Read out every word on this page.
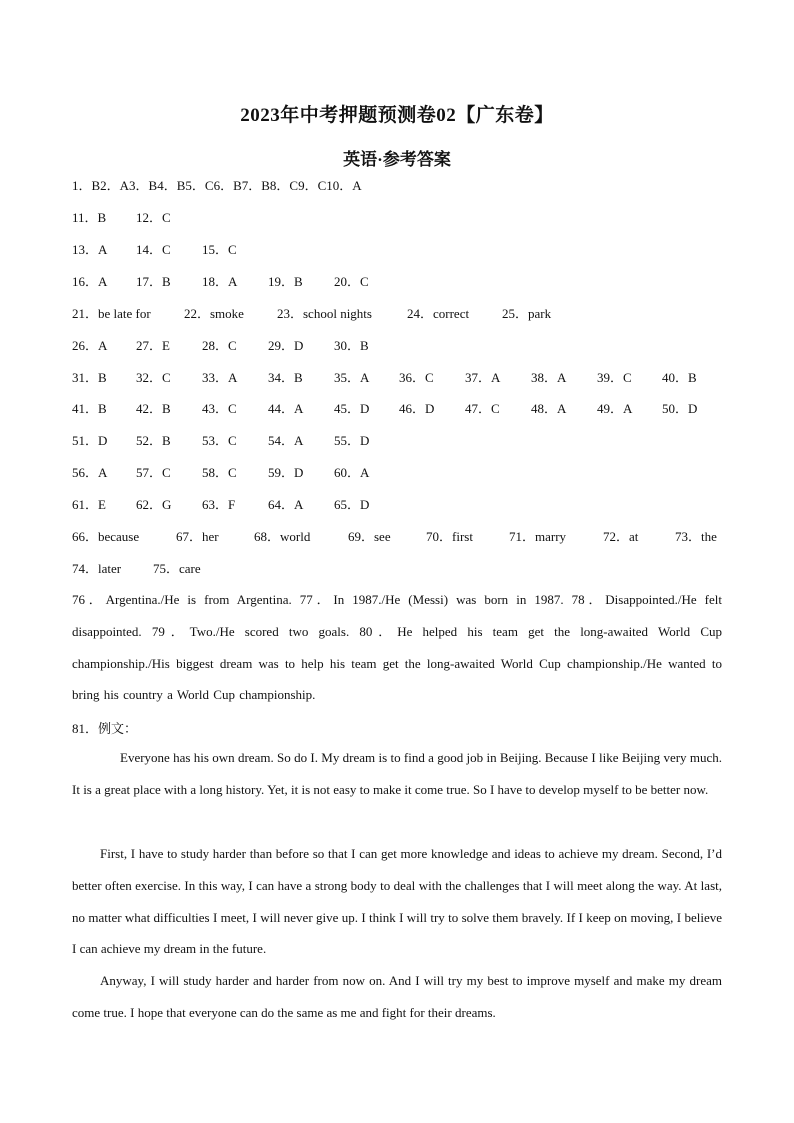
2023年中考押题预测卷02【广东卷】
英语·参考答案
1．B2．A3．B4．B5．C6．B7．B8．C9．C10．A
11．B 12．C
13．A 14．C 15．C
16．A 17．B 18．A 19．B 20．C
21．be late for	22．smoke	23．school nights	24．correct	25．park
26．A 27．E 28．C 29．D 30．B
31．B 32．C 33．A 34．B 35．A 36．C 37．A 38．A 39．C 40．B
41．B 42．B 43．C 44．A 45．D 46．D 47．C 48．A 49．A 50．D
51．D 52．B 53．C 54．A 55．D
56．A 57．C 58．C 59．D 60．A
61．E 62．G 63．F	64．A 65．D
66．because	67．her	68．world	69．see	70．first	71．marry	72．at	73．the
74．later 75．care
76．Argentina./He is from Argentina. 77．In 1987./He (Messi) was born in 1987. 78．Disappointed./He felt disappointed. 79．Two./He scored two goals. 80．He helped his team get the long-awaited World Cup championship./His biggest dream was to help his team get the long-awaited World Cup championship./He wanted to bring his country a World Cup championship.
81．例文：
Everyone has his own dream. So do I. My dream is to find a good job in Beijing. Because I like Beijing very much. It is a great place with a long history. Yet, it is not easy to make it come true. So I have to develop myself to be better now.
First, I have to study harder than before so that I can get more knowledge and ideas to achieve my dream. Second, I’d better often exercise. In this way, I can have a strong body to deal with the challenges that I will meet along the way. At last, no matter what difficulties I meet, I will never give up. I think I will try to solve them bravely. If I keep on moving, I believe I can achieve my dream in the future.
Anyway, I will study harder and harder from now on. And I will try my best to improve myself and make my dream come true. I hope that everyone can do the same as me and fight for their dreams.
